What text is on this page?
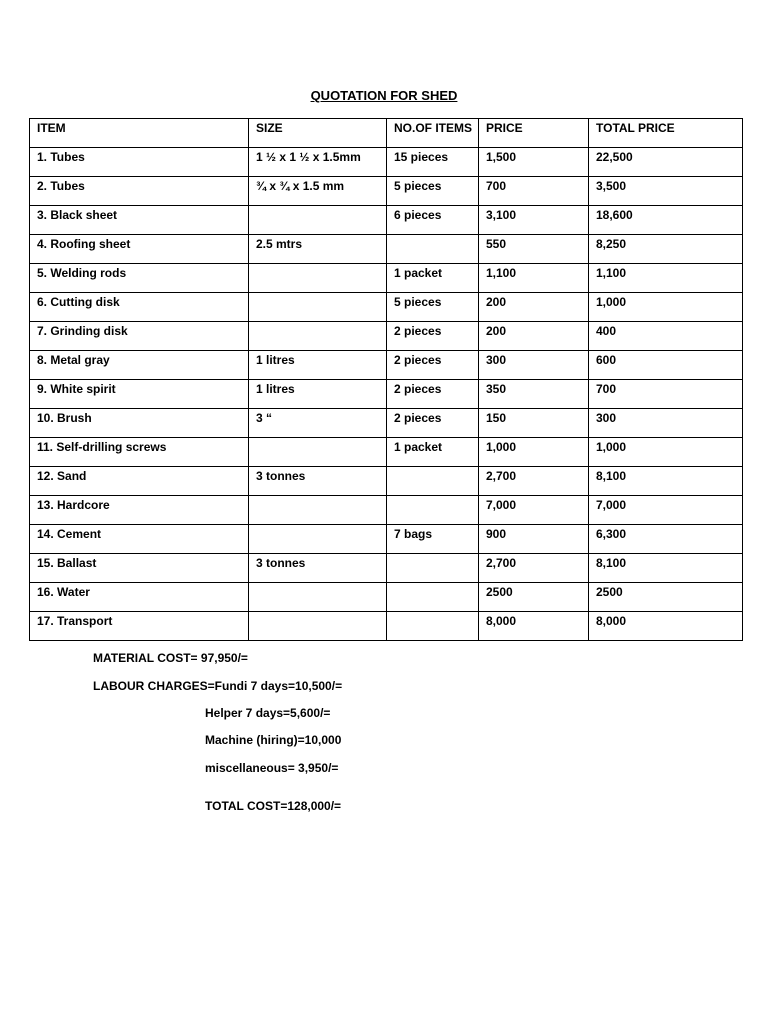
QUOTATION FOR SHED
ITEM	SIZE	NO.OF ITEMS	PRICE	TOTAL PRICE
1. Tubes	1 ½ x 1 ½ x 1.5mm	15 pieces	1,500	22,500
2. Tubes	¾ x ¾ x 1.5 mm	5 pieces	700	3,500
3. Black sheet		6 pieces	3,100	18,600
4. Roofing sheet	2.5 mtrs		550	8,250
5. Welding rods		1 packet	1,100	1,100
6. Cutting disk		5 pieces	200	1,000
7. Grinding disk		2 pieces	200	400
8. Metal gray	1 litres	2 pieces	300	600
9. White spirit	1 litres	2 pieces	350	700
10. Brush	3 “	2 pieces	150	300
11. Self-drilling screws		1 packet	1,000	1,000
12. Sand	3 tonnes		2,700	8,100
13. Hardcore			7,000	7,000
14. Cement		7 bags	900	6,300
15. Ballast	3 tonnes		2,700	8,100
16. Water			2500	2500
17. Transport			8,000	8,000
MATERIAL COST= 97,950/=
LABOUR CHARGES=Fundi 7 days=10,500/=
Helper 7 days=5,600/=
Machine (hiring)=10,000
miscellaneous= 3,950/=
TOTAL COST=128,000/=
